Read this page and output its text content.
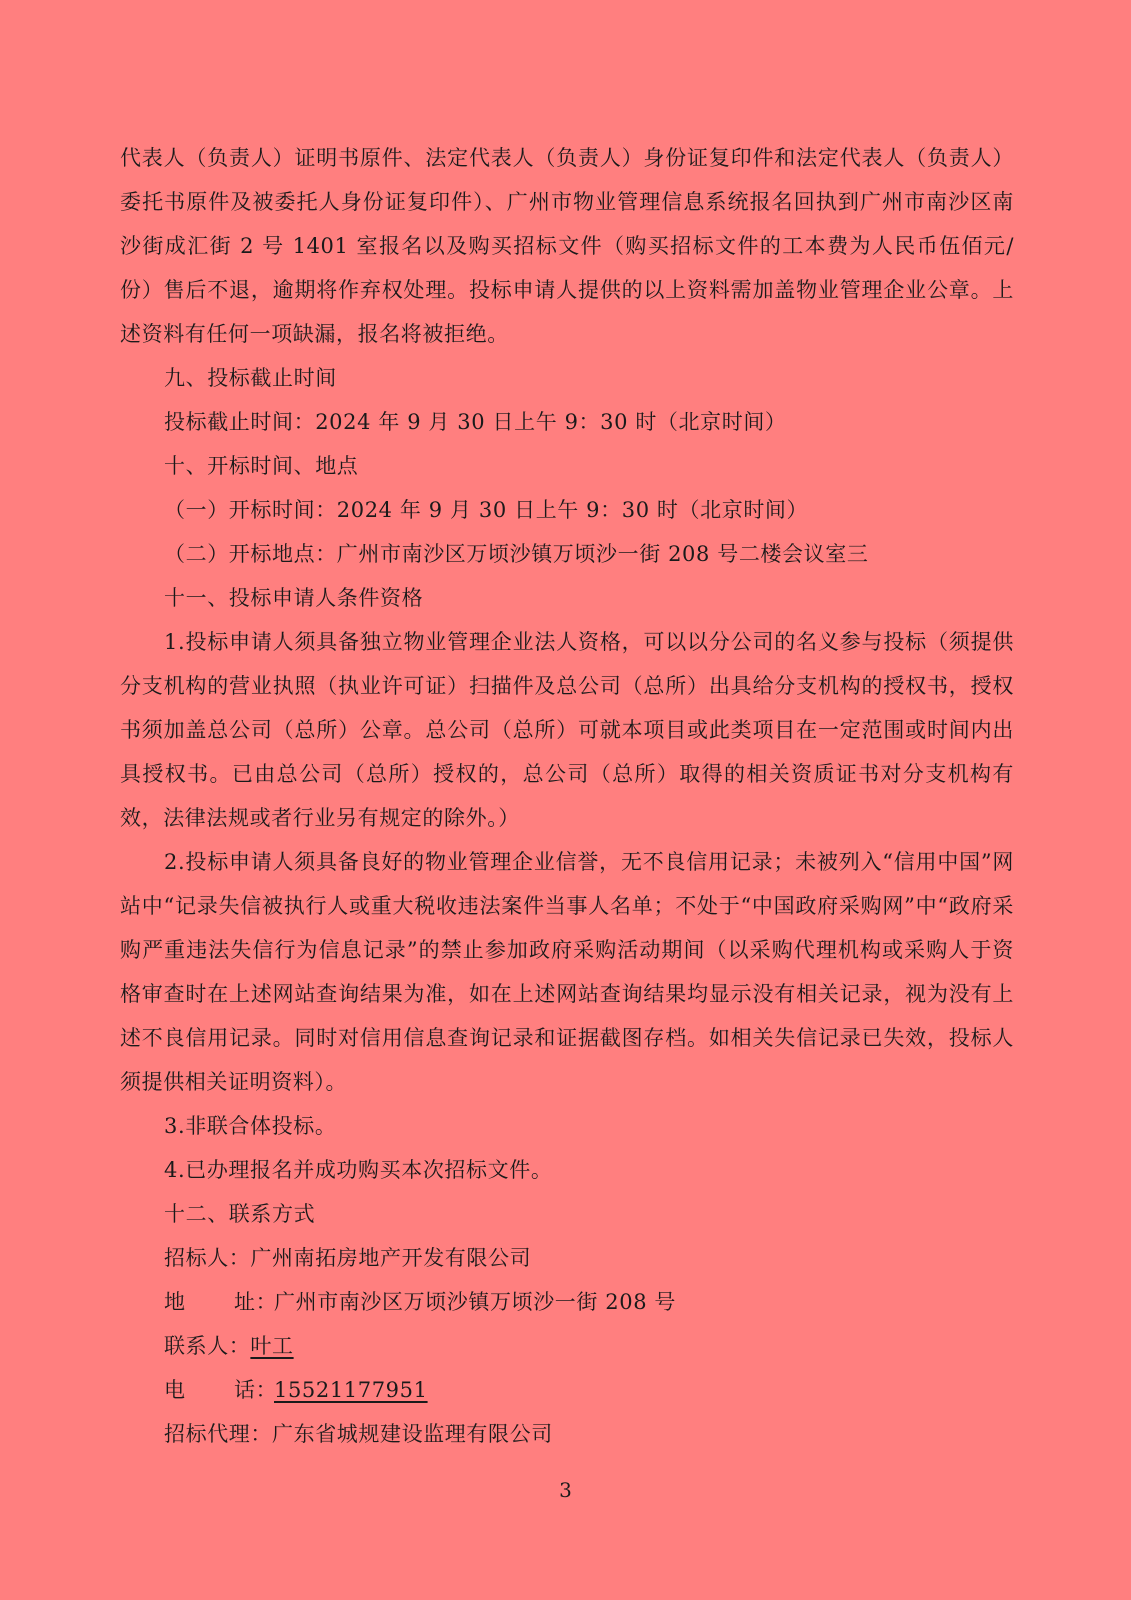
代表人（负责人）证明书原件、法定代表人（负责人）身份证复印件和法定代表人（负责人）委托书原件及被委托人身份证复印件）、广州市物业管理信息系统报名回执到广州市南沙区南沙街成汇街 2 号 1401 室报名以及购买招标文件（购买招标文件的工本费为人民币伍佰元/份）售后不退，逾期将作弃权处理。投标申请人提供的以上资料需加盖物业管理企业公章。上述资料有任何一项缺漏，报名将被拒绝。

九、投标截止时间

投标截止时间：2024 年 9 月 30 日上午 9：30 时（北京时间）

十、开标时间、地点

（一）开标时间：2024 年 9 月 30 日上午 9：30 时（北京时间）

（二）开标地点：广州市南沙区万顷沙镇万顷沙一街 208 号二楼会议室三

十一、投标申请人条件资格

1.投标申请人须具备独立物业管理企业法人资格，可以以分公司的名义参与投标（须提供分支机构的营业执照（执业许可证）扫描件及总公司（总所）出具给分支机构的授权书，授权书须加盖总公司（总所）公章。总公司（总所）可就本项目或此类项目在一定范围或时间内出具授权书。已由总公司（总所）授权的，总公司（总所）取得的相关资质证书对分支机构有效，法律法规或者行业另有规定的除外。）

2.投标申请人须具备良好的物业管理企业信誉，无不良信用记录；未被列入“信用中国”网站中“记录失信被执行人或重大税收违法案件当事人名单；不处于“中国政府采购网”中“政府采购严重违法失信行为信息记录”的禁止参加政府采购活动期间（以采购代理机构或采购人于资格审查时在上述网站查询结果为准，如在上述网站查询结果均显示没有相关记录，视为没有上述不良信用记录。同时对信用信息查询记录和证据截图存档。如相关失信记录已失效，投标人须提供相关证明资料）。

3.非联合体投标。

4.已办理报名并成功购买本次招标文件。

十二、联系方式

招标人：广州南拓房地产开发有限公司

地 址：广州市南沙区万顷沙镇万顷沙一街 208 号

联系人：叶工

电 话：15521177951

招标代理：广东省城规建设监理有限公司

3
